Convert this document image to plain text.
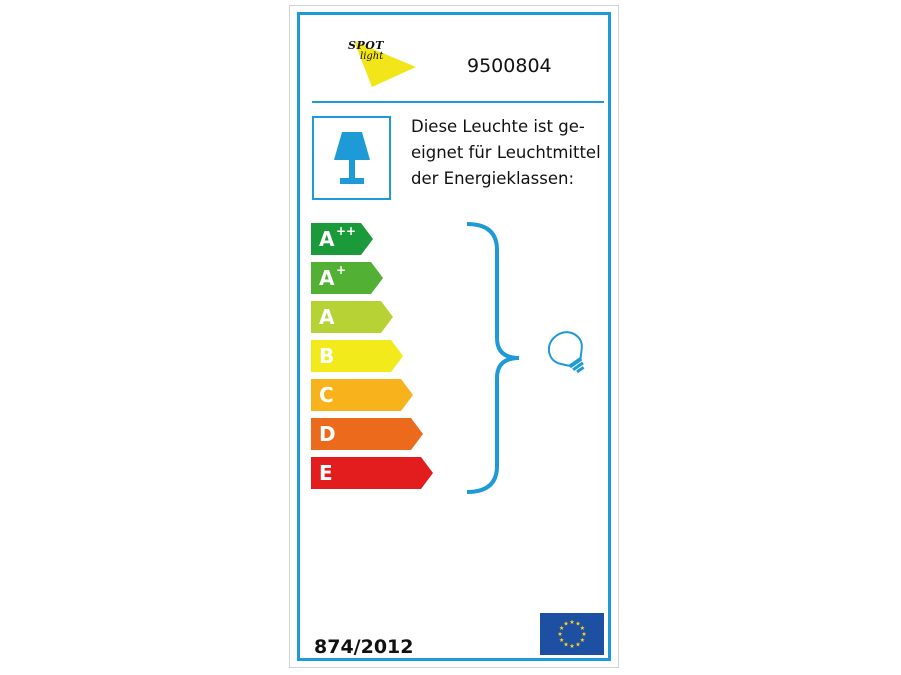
SPOT
light	9500804
Diese Leuchte ist ge-
eignet für Leuchtmittel
der Energieklassen:
A ++
A +
A
B
C
D
E
874/2012
